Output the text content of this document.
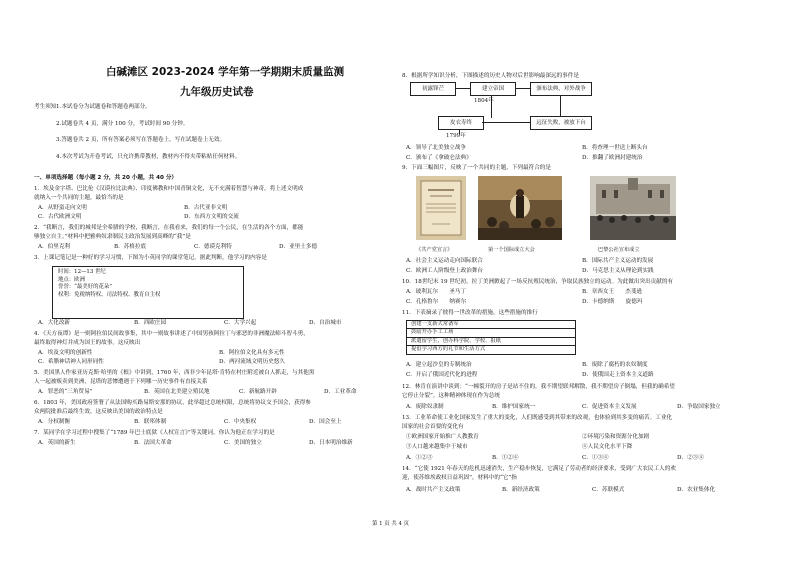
白碱滩区 2023-2024 学年第一学期期末质量监测
九年级历史试卷
考生须知：
1.本试卷分为试题卷和答题卷两部分。
2.试题卷共 4 页，满分 100 分，考试时间 90 分钟。
3.答题卷共 2 页，所有答案必须写在答题卷上，写在试题卷上无效。
4.本次考试为开卷考试，只允许携带教材，教材内不得夹带粘贴任何材料。
一、单项选择题（每小题 2 分，共 20 小题，共 40 分）
1．埃及金字塔、巴比伦《汉谟拉比法典》、印度佛教和中国青铜文化，无不充满着智慧与神奇。将上述文明成
就纳入一个共同的主题，最恰当的是
A．从野蛮走向文明	B．古代亚非文明
C．古代欧洲文明	D．东西方文明的交流
2．“我断言，我们的城邦是全希腊的学校，我断言，在我看来，我们的每一个公民，在生活的各个方面，都能
够独立自主。”材料中把雅典奴隶制民主政治发展到高峰的“我”是
A．伯里克利	B．苏格拉底	C．德谟克利特	D．亚里士多德
3．上课记笔记是一种好的学习习惯，下图为小英同学的课堂笔记，据此判断，他学习的内容是
时间：12—13 世纪
地点：欧洲
誉誉：“最美好的花朵”
权利：免税纳特权、司法特权、教育自主权
A．大化改新	B．西欧庄园	C．大学兴起	D．自治城市
4．《天方夜谭》是一则阿拉伯民间故事集，其中一则故事讲述了中国男孩阿拉丁与邪恶的非洲魔法师斗智斗勇，
最终取得神灯并成为国王的故事。这反映出
A．埃及文明的创新性	B．阿拉伯文化具有多元性
C．希腊神话神人同形同性	D．两河流域文明历史悠久
5．美国黑人作家亚历克斯·哈里的《根》中讲到，1760 年，西非少年昆塔·肯特在村庄附近被白人抓走，与其他黑
人一起被贩卖到美洲，昆塔的悲惨遭遇于下列哪一历史事件有直接关系
A．罪恶的“三角贸易”	B．英国在北美建立殖民地	C．新航路开辟	D．工业革命
6．1803 年，美国政府签署了从法国购买路易斯安那的协议，此举超过总统权限，总统将协议交予国会，获得参
众两院批准后最终生效。这反映出美国的政治特点是
A．分权制衡	B．联邦体制	C．中央集权	D．国会至上
7．某同学在学习过程中搜集了“1789 年巴士底狱《人权宣言》”等关键词，你认为他正在学习的是
A．英国的新生	B．法国大革命	C．美国的独立	D．日本明治维新
8．根据所学知识分析，下图描述的历史人物对后世影响最深远的事件是
初露锋芒	建立帝国	颁布法典，对外战争
1804年
皮衣寿终	远征失败，被放下台
1799年
A．领导了北美独立战争	B．将查理一世送上断头台
C．颁布了《拿破仑法典》	D．推翻了欧洲封建统治
9．下面三幅图片，反映了一个共同的主题，下列最符合的是
《共产党宣言》	第一个国际成立大会	巴黎公社宣布成立
A．社会主义运动走向国际联合	B．国际共产主义运动的发展
C．欧洲工人阶级登上政治舞台	D．马克思主义从理论到实践
10．18世纪末 19 世纪初，拉丁美洲掀起了一场反抗殖民统治，争取民族独立的运动。为此做出突出贡献的有
A．玻利瓦尔　　圣马丁	B．章西女王　　杰斐逊
C．孔格鲁尔　　纳赛尔	D．卡德纳斯　　旋德玛
11．下表摘录了彼得一世改革的措施，这些措施的推行
创建一支新式常备军
鼓励开办手工工场
派遣留学生，创办科学院、学校、报纸
提倡学习西方的礼节和生活方式
A．建立起沙皇的专制统治	B．废除了腐朽的农奴制度
C．开启了俄国近代化的进程	D．使俄国走上资本主义道路
12．林肯在演讲中谈到：“一幢裂开的房子是站不住的。我不期望联邦解散，我不期望房子倒塌，但我的确希望
它停止分裂”。这种精神体现在作为总统
A．废除奴隶制	B．维护国家统一	C．促进资本主义发展	D．争取国家独立
13．工业革命使工业化国家发生了重大的变化，人们既感受到其带来的改观，也体验到其多变的痛苦。工业化
国家的社会首要的变化有
①欧洲国家开始推广人教教育	②环境污染和资源分化加剧
③人口越来越集中于城市	④人民文化水平下降
A．①②③	B．①②④	C．①③④	D．②③④
14．“它使 1921 年春天的危机迅速消失，生产稳步恢复，它满足了劳动者的经济要求，受到广大农民工人的欢
迎，使苏维埃政权日益巩固”，材料中的“它”指
A．战时共产主义政策	B．新经济政策	C．苏联模式	D．农业集体化
第 1 页 共 4 页
